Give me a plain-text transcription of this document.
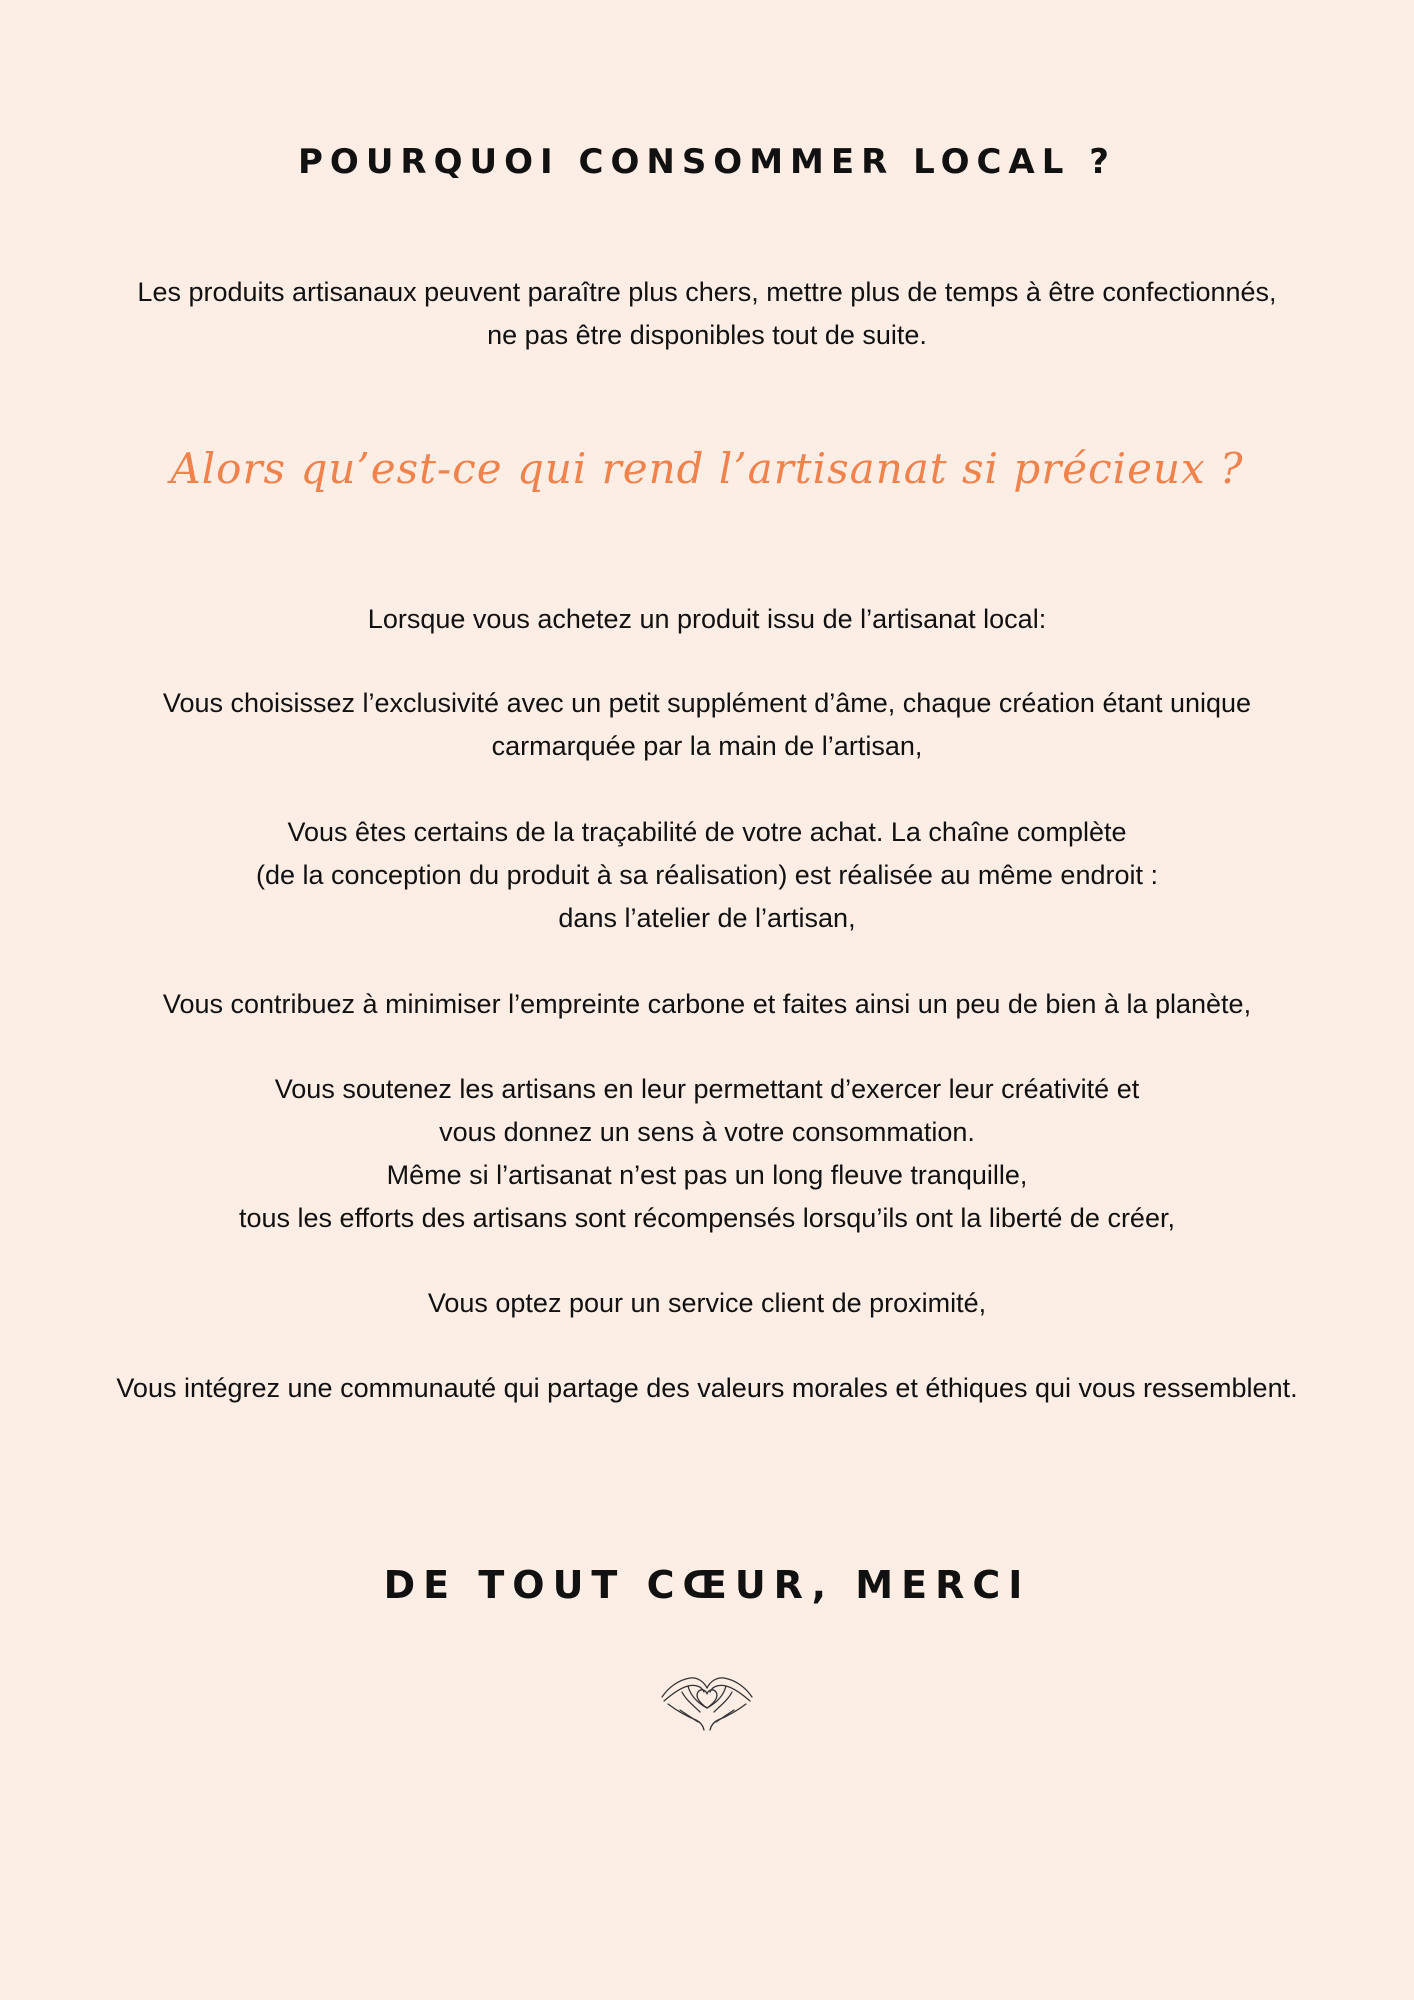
POURQUOI CONSOMMER LOCAL ?
Les produits artisanaux peuvent paraître plus chers, mettre plus de temps à être confectionnés,
ne pas être disponibles tout de suite.
Alors qu’est-ce qui rend l’artisanat si précieux ?
Lorsque vous achetez un produit issu de l’artisanat local:
Vous choisissez l’exclusivité avec un petit supplément d’âme, chaque création étant unique
carmarquée par la main de l’artisan,
Vous êtes certains de la traçabilité de votre achat. La chaîne complète
(de la conception du produit à sa réalisation) est réalisée au même endroit :
dans l’atelier de l’artisan,
Vous contribuez à minimiser l’empreinte carbone et faites ainsi un peu de bien à la planète,
Vous soutenez les artisans en leur permettant d’exercer leur créativité et
vous donnez un sens à votre consommation.
Même si l’artisanat n’est pas un long fleuve tranquille,
tous les efforts des artisans sont récompensés lorsqu’ils ont la liberté de créer,
Vous optez pour un service client de proximité,
Vous intégrez une communauté qui partage des valeurs morales et éthiques qui vous ressemblent.
DE TOUT CŒUR, MERCI
